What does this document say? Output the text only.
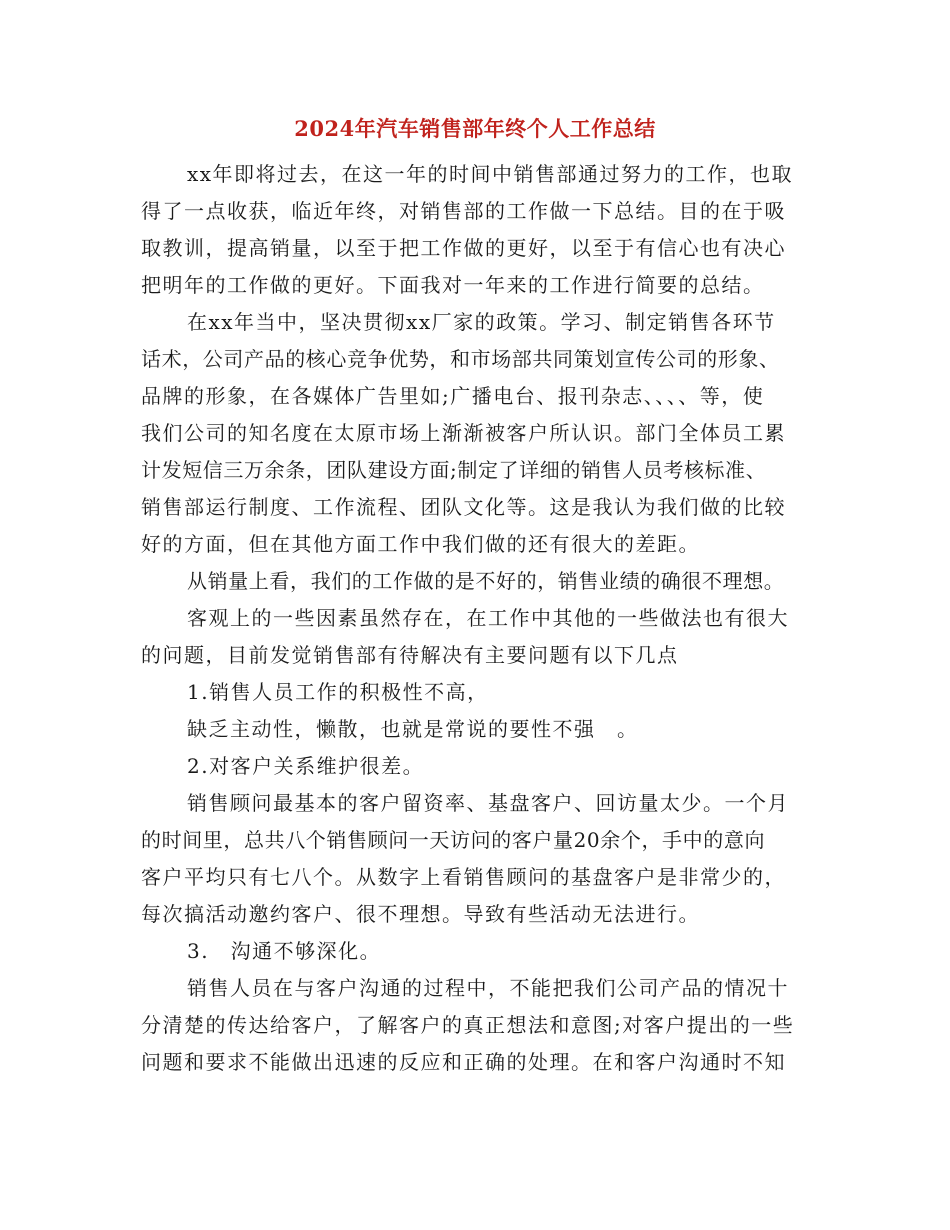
2024年汽车销售部年终个人工作总结
xx年即将过去，在这一年的时间中销售部通过努力的工作，也取
得了一点收获，临近年终，对销售部的工作做一下总结。目的在于吸
取教训，提高销量，以至于把工作做的更好，以至于有信心也有决心
把明年的工作做的更好。下面我对一年来的工作进行简要的总结。
在xx年当中，坚决贯彻xx厂家的政策。学习、制定销售各环节
话术，公司产品的核心竞争优势，和市场部共同策划宣传公司的形象、
品牌的形象，在各媒体广告里如;广播电台、报刊杂志、、、、等，使
我们公司的知名度在太原市场上渐渐被客户所认识。部门全体员工累
计发短信三万余条，团队建设方面;制定了详细的销售人员考核标准、
销售部运行制度、工作流程、团队文化等。这是我认为我们做的比较
好的方面，但在其他方面工作中我们做的还有很大的差距。
从销量上看，我们的工作做的是不好的，销售业绩的确很不理想。
客观上的一些因素虽然存在，在工作中其他的一些做法也有很大
的问题，目前发觉销售部有待解决有主要问题有以下几点
1.销售人员工作的积极性不高，
缺乏主动性，懒散，也就是常说的要性不强　。
2.对客户关系维护很差。
销售顾问最基本的客户留资率、基盘客户、回访量太少。一个月
的时间里，总共八个销售顾问一天访问的客户量20余个，手中的意向
客户平均只有七八个。从数字上看销售顾问的基盘客户是非常少的，
每次搞活动邀约客户、很不理想。导致有些活动无法进行。
3.　沟通不够深化。
销售人员在与客户沟通的过程中，不能把我们公司产品的情况十
分清楚的传达给客户，了解客户的真正想法和意图;对客户提出的一些
问题和要求不能做出迅速的反应和正确的处理。在和客户沟通时不知
